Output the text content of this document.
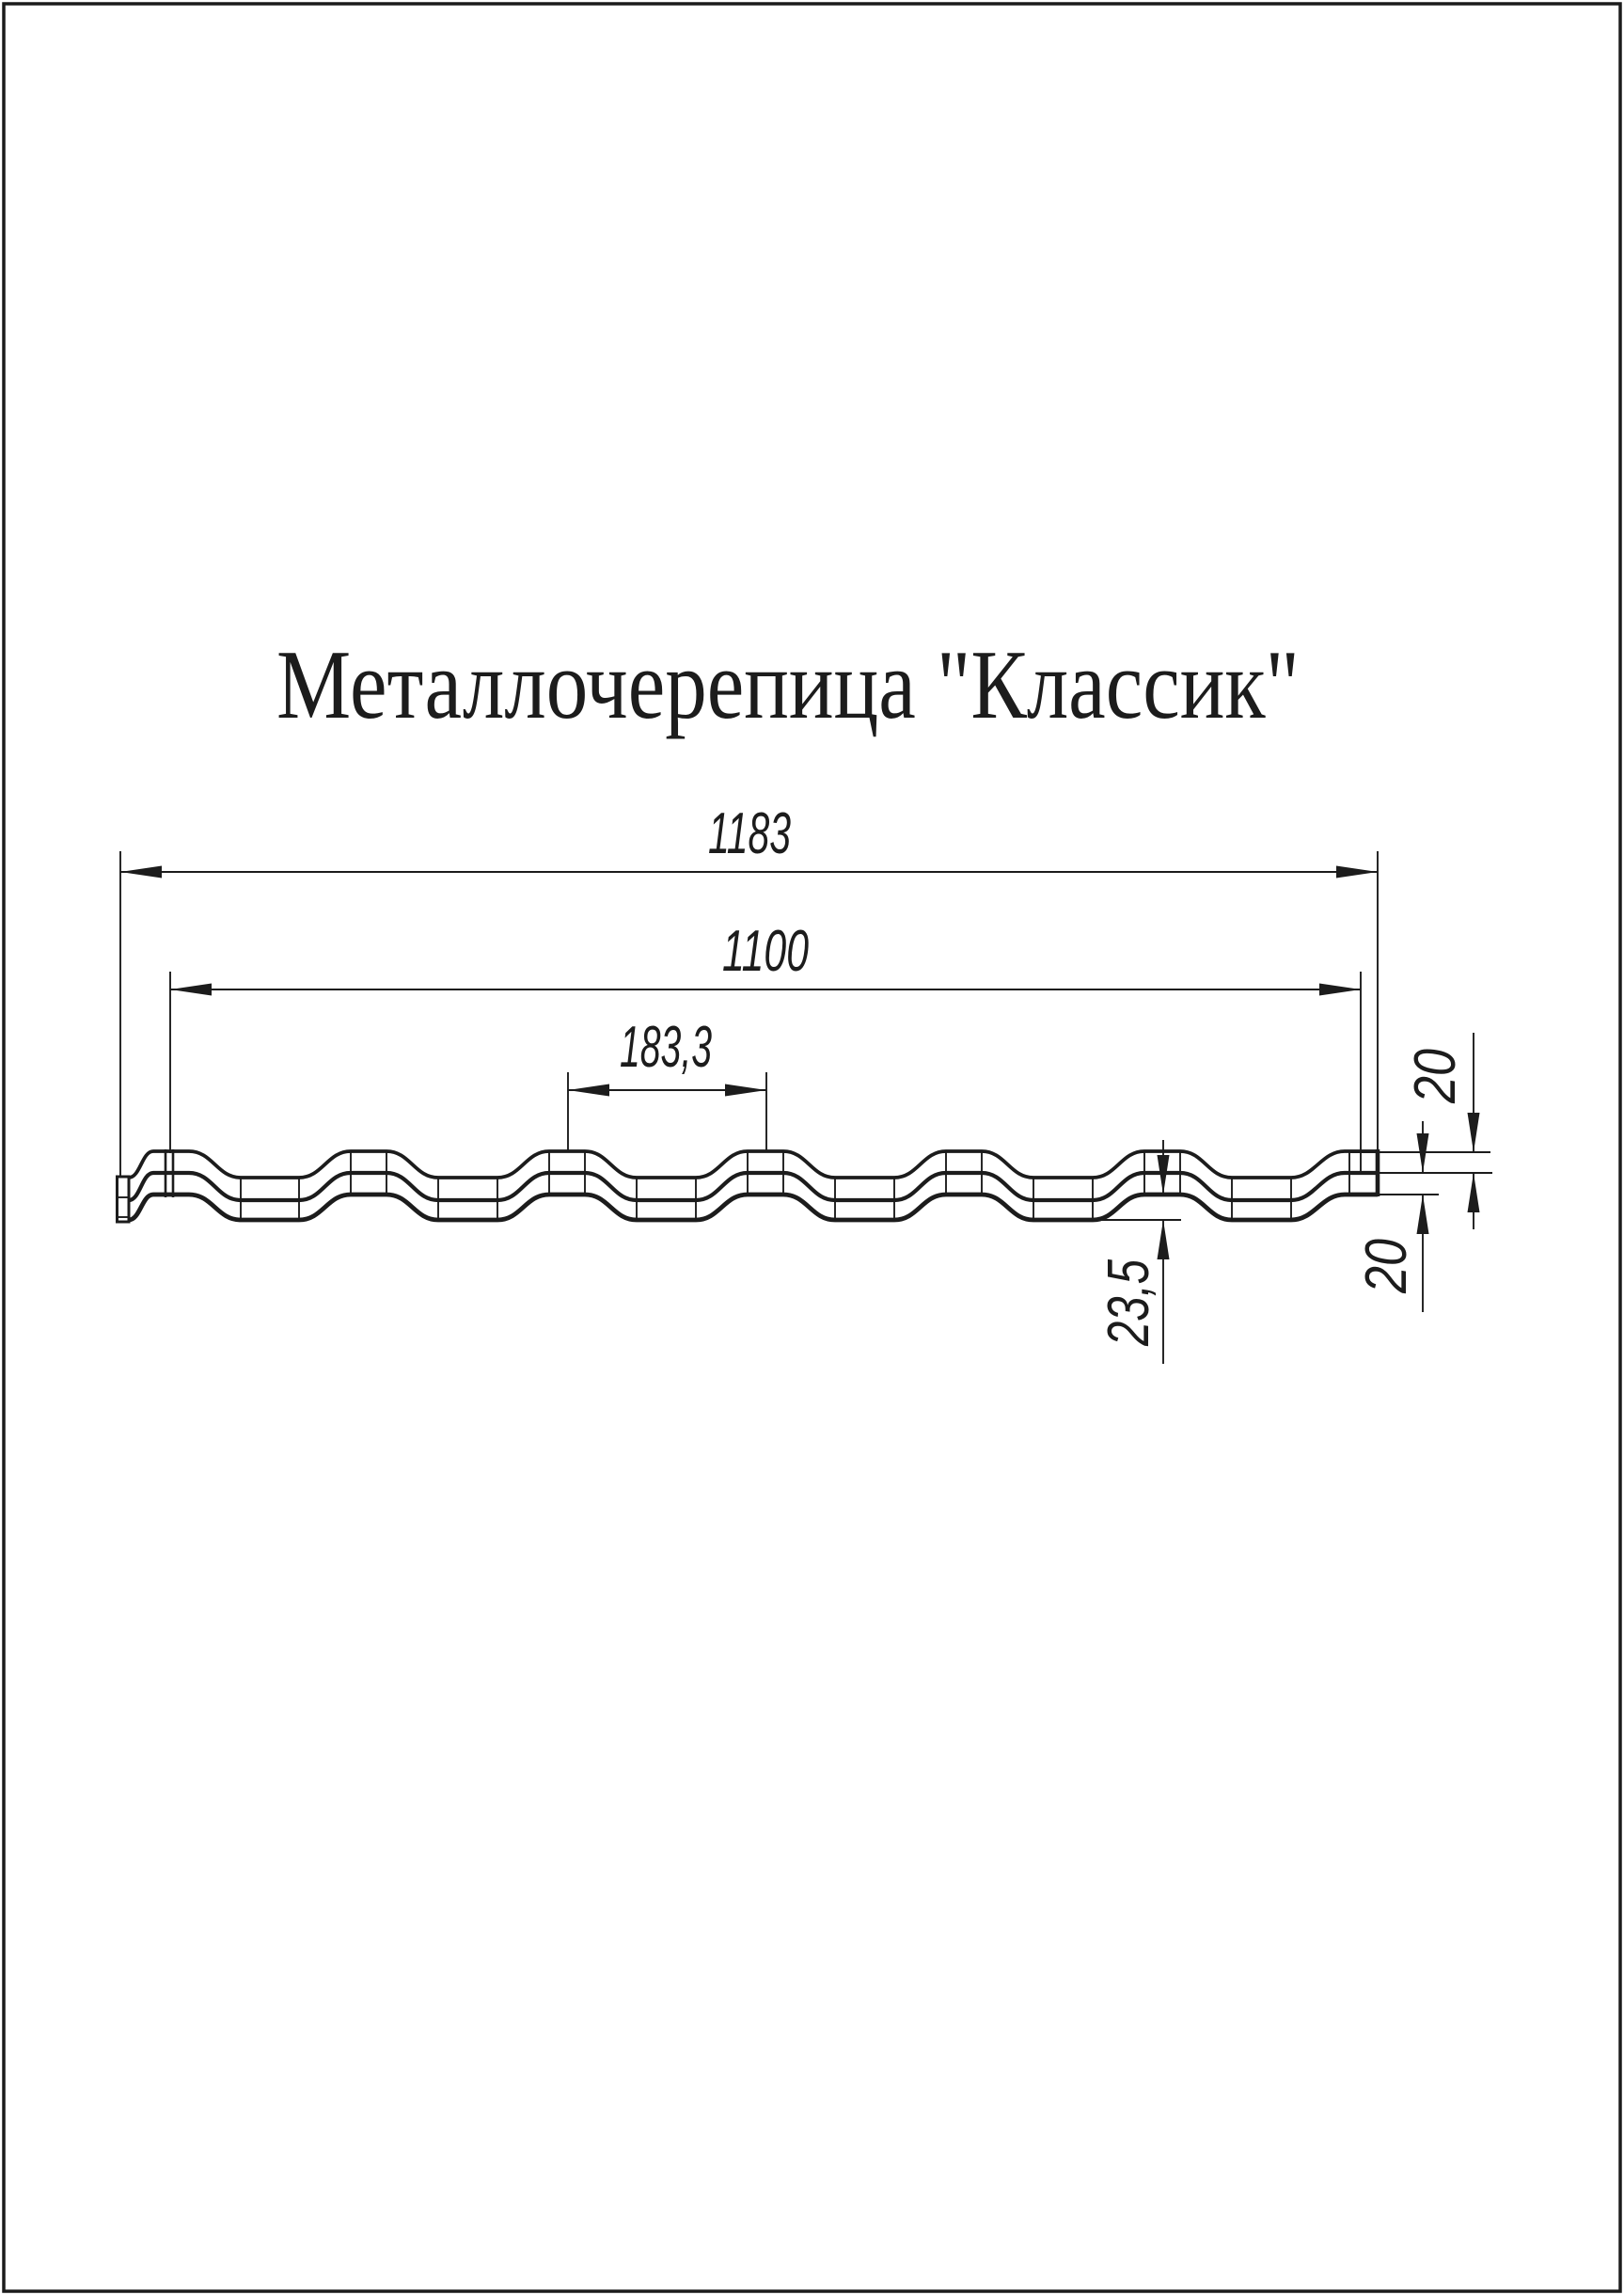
Металлочерепица "Классик"
1183
1100
183,3
23,5
20
20
